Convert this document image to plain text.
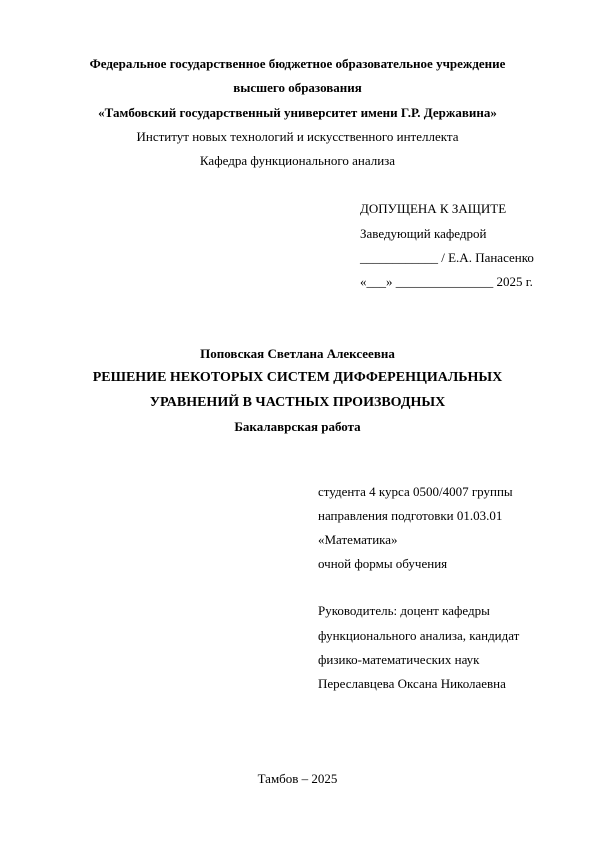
Федеральное государственное бюджетное образовательное учреждение
высшего образования
«Тамбовский государственный университет имени Г.Р. Державина»
Институт новых технологий и искусственного интеллекта
Кафедра функционального анализа
ДОПУЩЕНА К ЗАЩИТЕ
Заведующий кафедрой
____________ / Е.А. Панасенко
«___» _______________ 2025 г.
Поповская Светлана Алексеевна
РЕШЕНИЕ НЕКОТОРЫХ СИСТЕМ ДИФФЕРЕНЦИАЛЬНЫХ
УРАВНЕНИЙ В ЧАСТНЫХ ПРОИЗВОДНЫХ
Бакалаврская работа
студента 4 курса 0500/4007 группы
направления подготовки 01.03.01
«Математика»
очной формы обучения
Руководитель: доцент кафедры
функционального анализа, кандидат
физико-математических наук
Переславцева Оксана Николаевна
Тамбов – 2025
